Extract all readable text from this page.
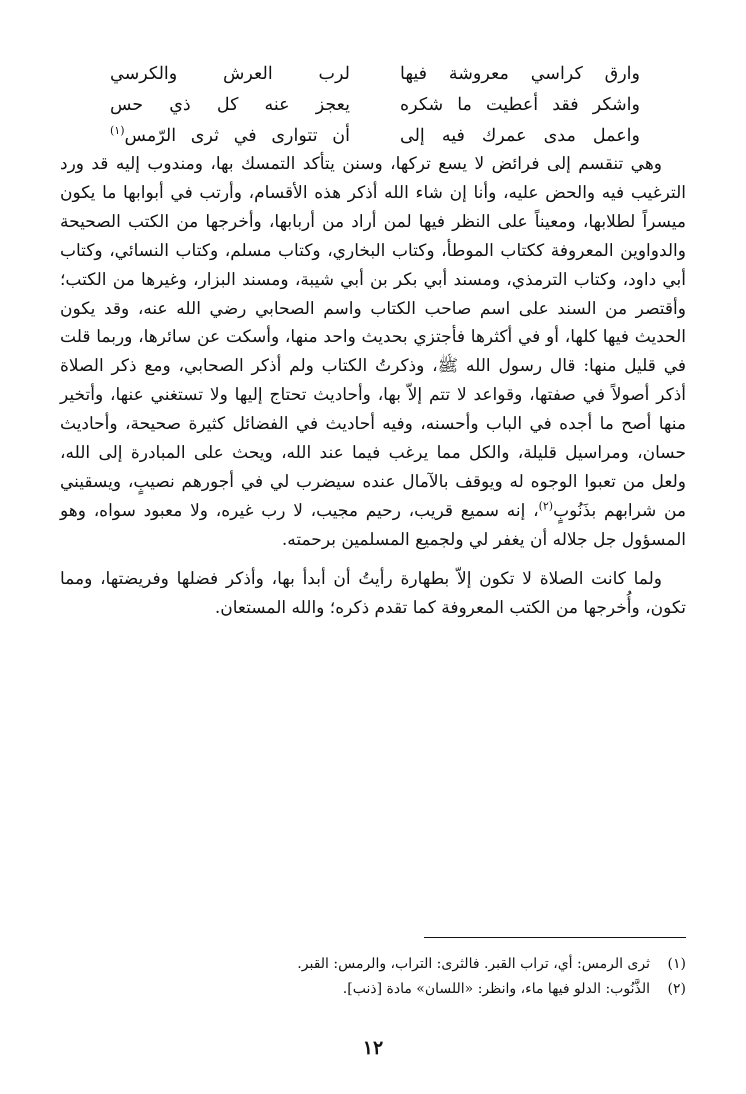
وارق كراسي معروشة فيها
لرب العرش والكرسي
واشكر فقد أعطيت ما شكره
يعجز عنه كل ذي حس
واعمل مدى عمرك فيه إلى
أن تتوارى في ثرى الرّمس$^{(١)}$

وهي تنقسم إلى فرائض لا يسع تركها، وسنن يتأكد التمسك بها، ومندوب إليه قد ورد الترغيب فيه والحض عليه، وأنا إن شاء الله أذكر هذه الأقسام، وأرتب في أبوابها ما يكون ميسراً لطلابها، ومعيناً على النظر فيها لمن أراد من أربابها، وأخرجها من الكتب الصحيحة والدواوين المعروفة ككتاب الموطأ، وكتاب البخاري، وكتاب مسلم، وكتاب النسائي، وكتاب أبي داود، وكتاب الترمذي، ومسند أبي بكر بن أبي شيبة، ومسند البزار، وغيرها من الكتب؛ وأقتصر من السند على اسم صاحب الكتاب واسم الصحابي رضي الله عنه، وقد يكون الحديث فيها كلها، أو في أكثرها فأجتزي بحديث واحد منها، وأسكت عن سائرها، وربما قلت في قليل منها: قال رسول الله ﷺ، وذكرتُ الكتاب ولم أذكر الصحابي، ومع ذكر الصلاة أذكر أصولاً في صفتها، وقواعد لا تتم إلاّ بها، وأحاديث تحتاج إليها ولا تستغني عنها، وأتخير منها أصح ما أجده في الباب وأحسنه، وفيه أحاديث في الفضائل كثيرة صحيحة، وأحاديث حسان، ومراسيل قليلة، والكل مما يرغب فيما عند الله، ويحث على المبادرة إلى الله، ولعل من تعبوا الوجوه له ويوقف بالآمال عنده سيضرب لي في أجورهم نصيبٍ، ويسقيني من شرابهم بذَنُوبٍ$^{(٢)}$، إنه سميع قريب، رحيم مجيب، لا رب غيره، ولا معبود سواه، وهو المسؤول جل جلاله أن يغفر لي ولجميع المسلمين برحمته.

ولما كانت الصلاة لا تكون إلاّ بطهارة رأيتُ أن أبدأ بها، وأذكر فضلها وفريضتها، ومما تكون، وأُخرجها من الكتب المعروفة كما تقدم ذكره؛ والله المستعان.

(١)
ثرى الرمس: أي، تراب القبر. فالثرى: التراب، والرمس: القبر.
(٢)
الذَّنُوب: الدلو فيها ماء، وانظر: «اللسان» مادة [ذنب].
١٢
